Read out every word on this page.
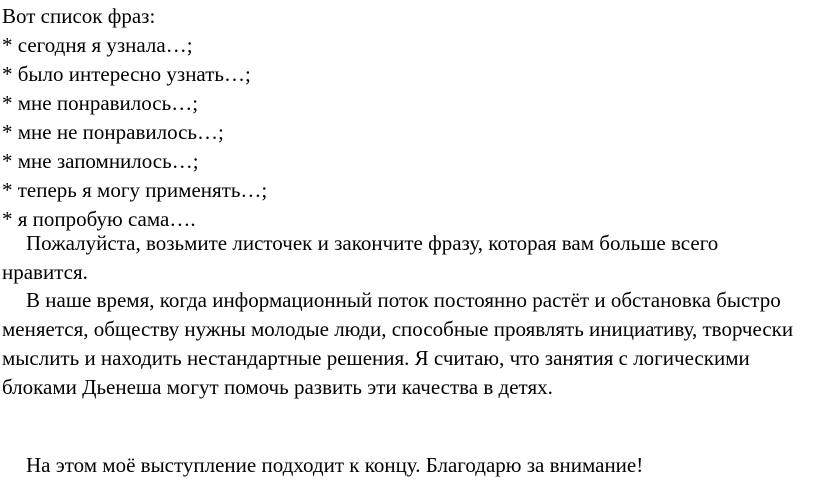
Вот список фраз:
* сегодня я узнала…;
* было интересно узнать…;
* мне понравилось…;
* мне не понравилось…;
* мне запомнилось…;
* теперь я могу применять…;
* я попробую сама….
Пожалуйста, возьмите листочек и закончите фразу, которая вам больше всего нравится.
В наше время, когда информационный поток постоянно растёт и обстановка быстро меняется, обществу нужны молодые люди, способные проявлять инициативу, творчески мыслить и находить нестандартные решения. Я считаю, что занятия с логическими блоками Дьенеша могут помочь развить эти качества в детях.
На этом моё выступление подходит к концу. Благодарю за внимание!
